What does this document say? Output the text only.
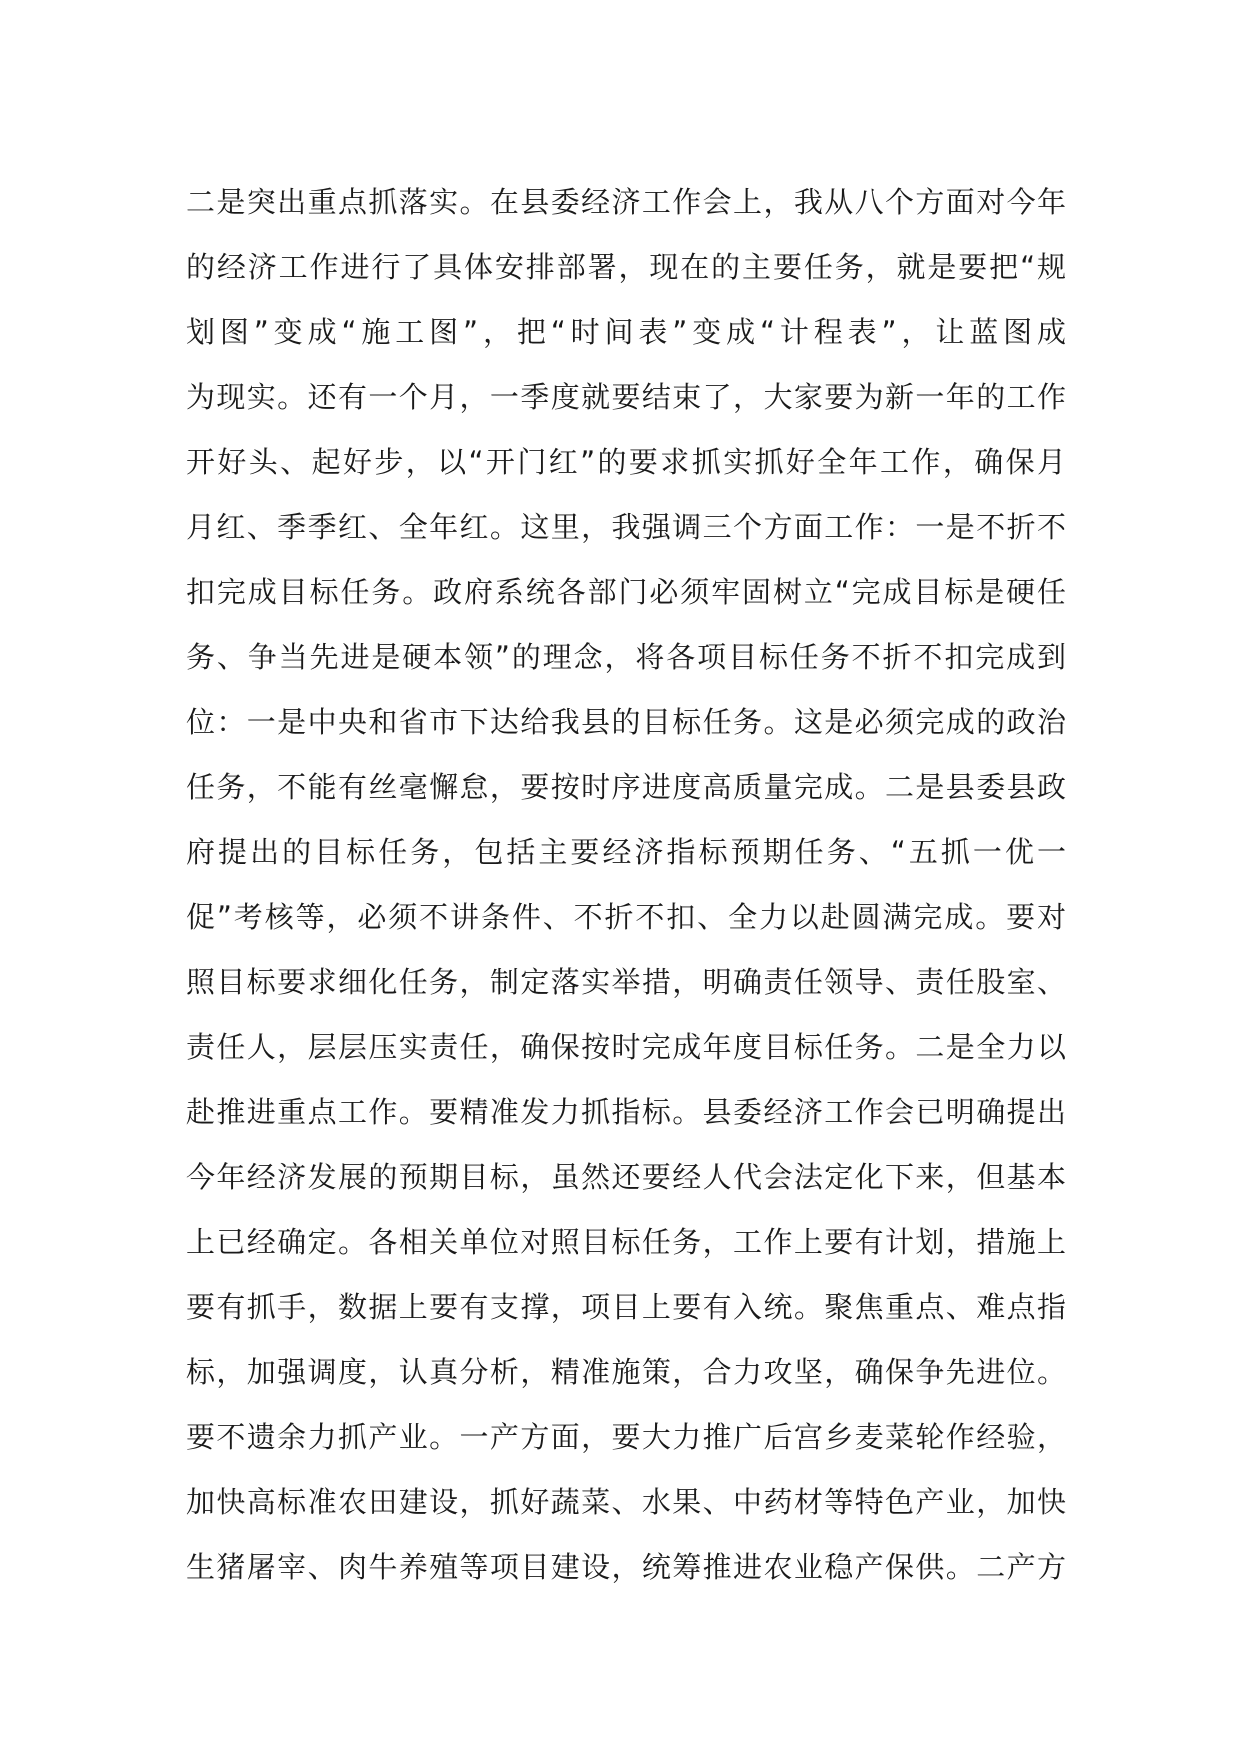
二是突出重点抓落实。在县委经济工作会上，我从八个方面对今年
的经济工作进行了具体安排部署，现在的主要任务，就是要把“规
划图”变成“施工图”，把“时间表”变成“计程表”，让蓝图成
为现实。还有一个月，一季度就要结束了，大家要为新一年的工作
开好头、起好步，以“开门红”的要求抓实抓好全年工作，确保月
月红、季季红、全年红。这里，我强调三个方面工作：一是不折不
扣完成目标任务。政府系统各部门必须牢固树立“完成目标是硬任
务、争当先进是硬本领”的理念，将各项目标任务不折不扣完成到
位：一是中央和省市下达给我县的目标任务。这是必须完成的政治
任务，不能有丝毫懈怠，要按时序进度高质量完成。二是县委县政
府提出的目标任务，包括主要经济指标预期任务、“五抓一优一
促”考核等，必须不讲条件、不折不扣、全力以赴圆满完成。要对
照目标要求细化任务，制定落实举措，明确责任领导、责任股室、
责任人，层层压实责任，确保按时完成年度目标任务。二是全力以
赴推进重点工作。要精准发力抓指标。县委经济工作会已明确提出
今年经济发展的预期目标，虽然还要经人代会法定化下来，但基本
上已经确定。各相关单位对照目标任务，工作上要有计划，措施上
要有抓手，数据上要有支撑，项目上要有入统。聚焦重点、难点指
标，加强调度，认真分析，精准施策，合力攻坚，确保争先进位。
要不遗余力抓产业。一产方面，要大力推广后宫乡麦菜轮作经验，
加快高标准农田建设，抓好蔬菜、水果、中药材等特色产业，加快
生猪屠宰、肉牛养殖等项目建设，统筹推进农业稳产保供。二产方
